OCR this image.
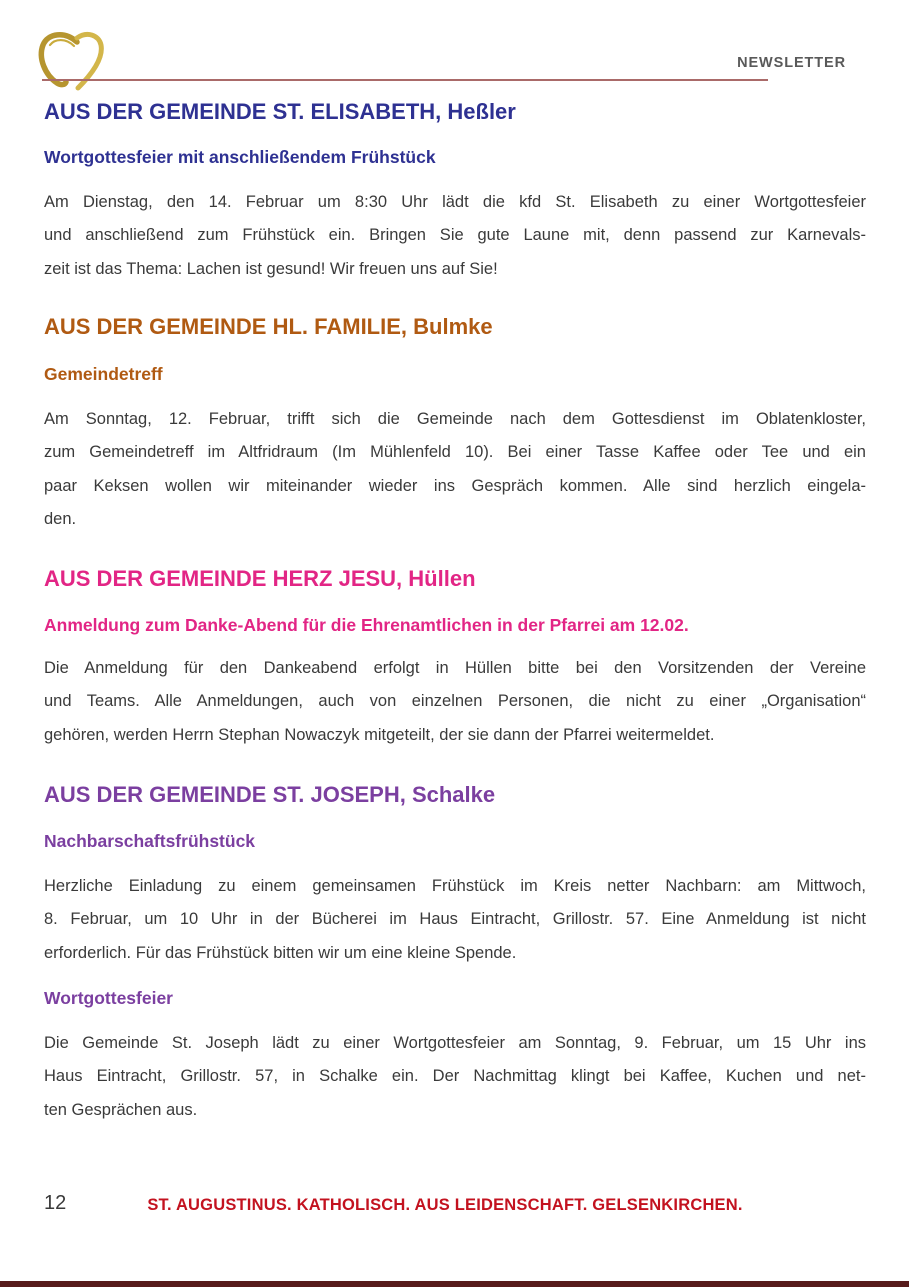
NEWSLETTER
AUS DER GEMEINDE ST. ELISABETH, Heßler
Wortgottesfeier mit anschließendem Frühstück
Am Dienstag, den 14. Februar um 8:30 Uhr lädt die kfd St. Elisabeth zu einer Wortgottesfeier
und anschließend zum Frühstück ein. Bringen Sie gute Laune mit, denn passend zur Karnevals-
zeit ist das Thema: Lachen ist gesund! Wir freuen uns auf Sie!
AUS DER GEMEINDE HL. FAMILIE, Bulmke
Gemeindetreff
Am Sonntag, 12. Februar, trifft sich die Gemeinde nach dem Gottesdienst im Oblatenkloster,
zum Gemeindetreff im Altfridraum (Im Mühlenfeld 10). Bei einer Tasse Kaffee oder Tee und ein
paar Keksen wollen wir miteinander wieder ins Gespräch kommen. Alle sind herzlich eingela-
den.
AUS DER GEMEINDE HERZ JESU, Hüllen
Anmeldung zum Danke-Abend für die Ehrenamtlichen in der Pfarrei am 12.02.
Die Anmeldung für den Dankeabend erfolgt in Hüllen bitte bei den Vorsitzenden der Vereine
und Teams. Alle Anmeldungen, auch von einzelnen Personen, die nicht zu einer „Organisation“
gehören, werden Herrn Stephan Nowaczyk mitgeteilt, der sie dann der Pfarrei weitermeldet.
AUS DER GEMEINDE ST. JOSEPH, Schalke
Nachbarschaftsfrühstück
Herzliche Einladung zu einem gemeinsamen Frühstück im Kreis netter Nachbarn: am Mittwoch,
8. Februar, um 10 Uhr in der Bücherei im Haus Eintracht, Grillostr. 57. Eine Anmeldung ist nicht
erforderlich. Für das Frühstück bitten wir um eine kleine Spende.
Wortgottesfeier
Die Gemeinde St. Joseph lädt zu einer Wortgottesfeier am Sonntag, 9. Februar, um 15 Uhr ins
Haus Eintracht, Grillostr. 57, in Schalke ein. Der Nachmittag klingt bei Kaffee, Kuchen und net-
ten Gesprächen aus.
12	ST. AUGUSTINUS. KATHOLISCH. AUS LEIDENSCHAFT. GELSENKIRCHEN.
